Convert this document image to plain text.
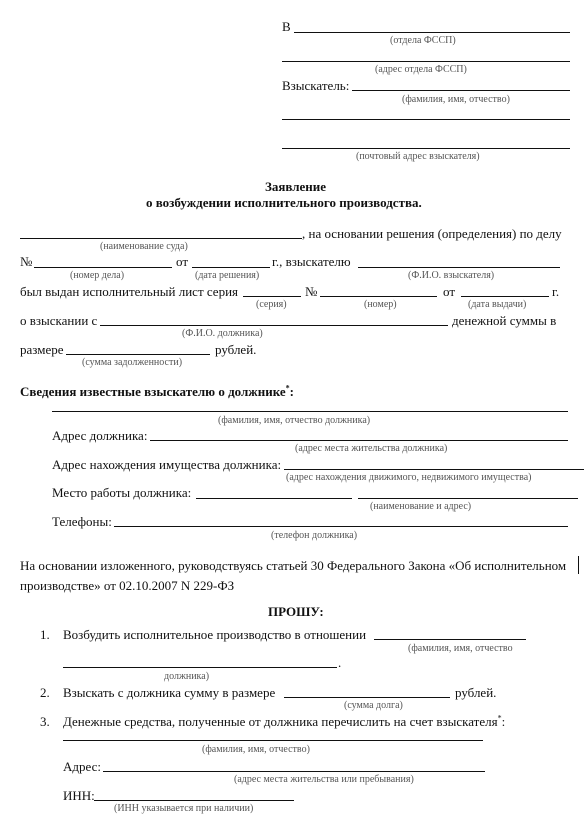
В
(отдела ФССП)
(адрес отдела ФССП)
Взыскатель:
(фамилия, имя, отчество)
(почтовый адрес взыскателя)
Заявление
о возбуждении исполнительного производства.
, на основании решения (определения) по делу
(наименование суда)
№	от	г., взыскателю
(номер дела)	(дата решения)	(Ф.И.О. взыскателя)
был выдан исполнительный лист серия	№	от	г.
(серия)	(номер)	(дата выдачи)
о взыскании с	денежной суммы в
(Ф.И.О. должника)
размере	рублей.
(сумма задолженности)
Сведения известные взыскателю о должнике*:
(фамилия, имя, отчество должника)
Адрес должника:
(адрес места жительства должника)
Адрес нахождения имущества должника:
(адрес нахождения движимого, недвижимого имущества)
Место работы должника:
(наименование и адрес)
Телефоны:
(телефон должника)
На основании изложенного, руководствуясь статьей 30 Федерального Закона «Об исполнительном
производстве» от 02.10.2007 N 229-ФЗ
ПРОШУ:
1. Возбудить исполнительное производство в отношении
(фамилия, имя, отчество
.
должника)
2. Взыскать с должника сумму в размере	рублей.
(сумма долга)
3. Денежные средства, полученные от должника перечислить на счет взыскателя*:
(фамилия, имя, отчество)
Адрес:
(адрес места жительства или пребывания)
ИНН:
(ИНН указывается при наличии)
